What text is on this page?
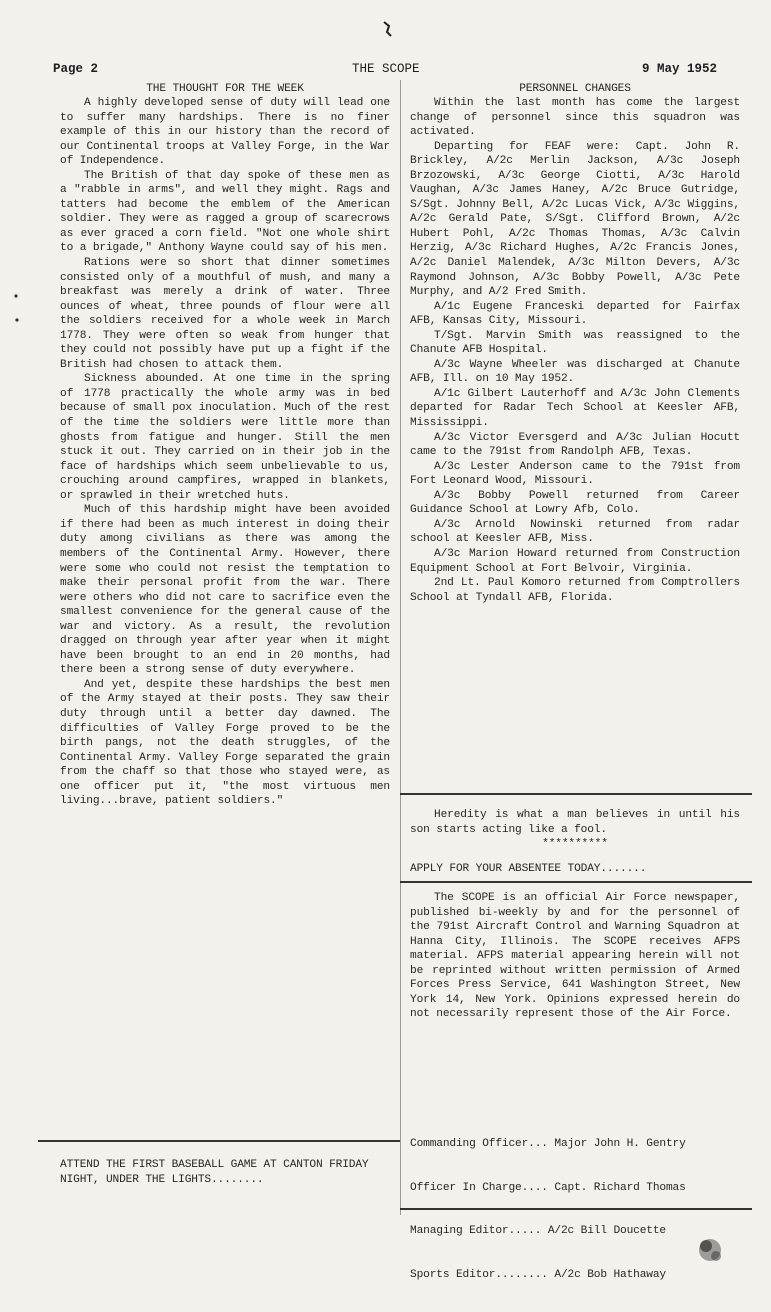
Page 2	THE SCOPE	9 May 1952
THE THOUGHT FOR THE WEEK

A highly developed sense of duty will lead one to suffer many hardships. There is no finer example of this in our history than the record of our Continental troops at Valley Forge, in the War of Independence.

The British of that day spoke of these men as a "rabble in arms", and well they might. Rags and tatters had become the emblem of the American soldier. They were as ragged a group of scarecrows as ever graced a corn field. "Not one whole shirt to a brigade," Anthony Wayne could say of his men.

Rations were so short that dinner sometimes consisted only of a mouthful of mush, and many a breakfast was merely a drink of water. Three ounces of wheat, three pounds of flour were all the soldiers received for a whole week in March 1778. They were often so weak from hunger that they could not possibly have put up a fight if the British had chosen to attack them.

Sickness abounded. At one time in the spring of 1778 practically the whole army was in bed because of small pox inoculation. Much of the rest of the time the soldiers were little more than ghosts from fatigue and hunger. Still the men stuck it out. They carried on in their job in the face of hardships which seem unbelievable to us, crouching around campfires, wrapped in blankets, or sprawled in their wretched huts.

Much of this hardship might have been avoided if there had been as much interest in doing their duty among civilians as there was among the members of the Continental Army. However, there were some who could not resist the temptation to make their personal profit from the war. There were others who did not care to sacrifice even the smallest convenience for the general cause of the war and victory. As a result, the revolution dragged on through year after year when it might have been brought to an end in 20 months, had there been a strong sense of duty everywhere.

And yet, despite these hardships the best men of the Army stayed at their posts. They saw their duty through until a better day dawned. The difficulties of Valley Forge proved to be the birth pangs, not the death struggles, of the Continental Army. Valley Forge separated the grain from the chaff so that those who stayed were, as one officer put it, "the most virtuous men living...brave, patient soldiers."

ATTEND THE FIRST BASEBALL GAME AT CANTON FRIDAY NIGHT, UNDER THE LIGHTS........
PERSONNEL CHANGES

Within the last month has come the largest change of personnel since this squadron was activated.

Departing for FEAF were: Capt. John R. Brickley, A/2c Merlin Jackson, A/3c Joseph Brzozowski, A/3c George Ciotti, A/3c Harold Vaughan, A/3c James Haney, A/2c Bruce Gutridge, S/Sgt. Johnny Bell, A/2c Lucas Vick, A/3c Wiggins, A/2c Gerald Pate, S/Sgt. Clifford Brown, A/2c Hubert Pohl, A/2c Thomas Thomas, A/3c Calvin Herzig, A/3c Richard Hughes, A/2c Francis Jones, A/2c Daniel Malendek, A/3c Milton Devers, A/3c Raymond Johnson, A/3c Bobby Powell, A/3c Pete Murphy, and A/2 Fred Smith.

A/1c Eugene Franceski departed for Fairfax AFB, Kansas City, Missouri.

T/Sgt. Marvin Smith was reassigned to the Chanute AFB Hospital.

A/3c Wayne Wheeler was discharged at Chanute AFB, Ill. on 10 May 1952.

A/1c Gilbert Lauterhoff and A/3c John Clements departed for Radar Tech School at Keesler AFB, Mississippi.

A/3c Victor Eversgerd and A/3c Julian Hocutt came to the 791st from Randolph AFB, Texas.

A/3c Lester Anderson came to the 791st from Fort Leonard Wood, Missouri.

A/3c Bobby Powell returned from Career Guidance School at Lowry Afb, Colo.

A/3c Arnold Nowinski returned from radar school at Keesler AFB, Miss.

A/3c Marion Howard returned from Construction Equipment School at Fort Belvoir, Virginia.

2nd Lt. Paul Komoro returned from Comptrollers School at Tyndall AFB, Florida.

Heredity is what a man believes in until his son starts acting like a fool.

**********

APPLY FOR YOUR ABSENTEE TODAY.......

The SCOPE is an official Air Force newspaper, published bi-weekly by and for the personnel of the 791st Aircraft Control and Warning Squadron at Hanna City, Illinois. The SCOPE receives AFPS material. AFPS material appearing herein will not be reprinted without written permission of Armed Forces Press Service, 641 Washington Street, New York 14, New York. Opinions expressed herein do not necessarily represent those of the Air Force.

Commanding Officer... Major John H. Gentry

Officer In Charge.... Capt. Richard Thomas

Managing Editor..... A/2c Bill Doucette

Sports Editor........ A/2c Bob Hathaway
